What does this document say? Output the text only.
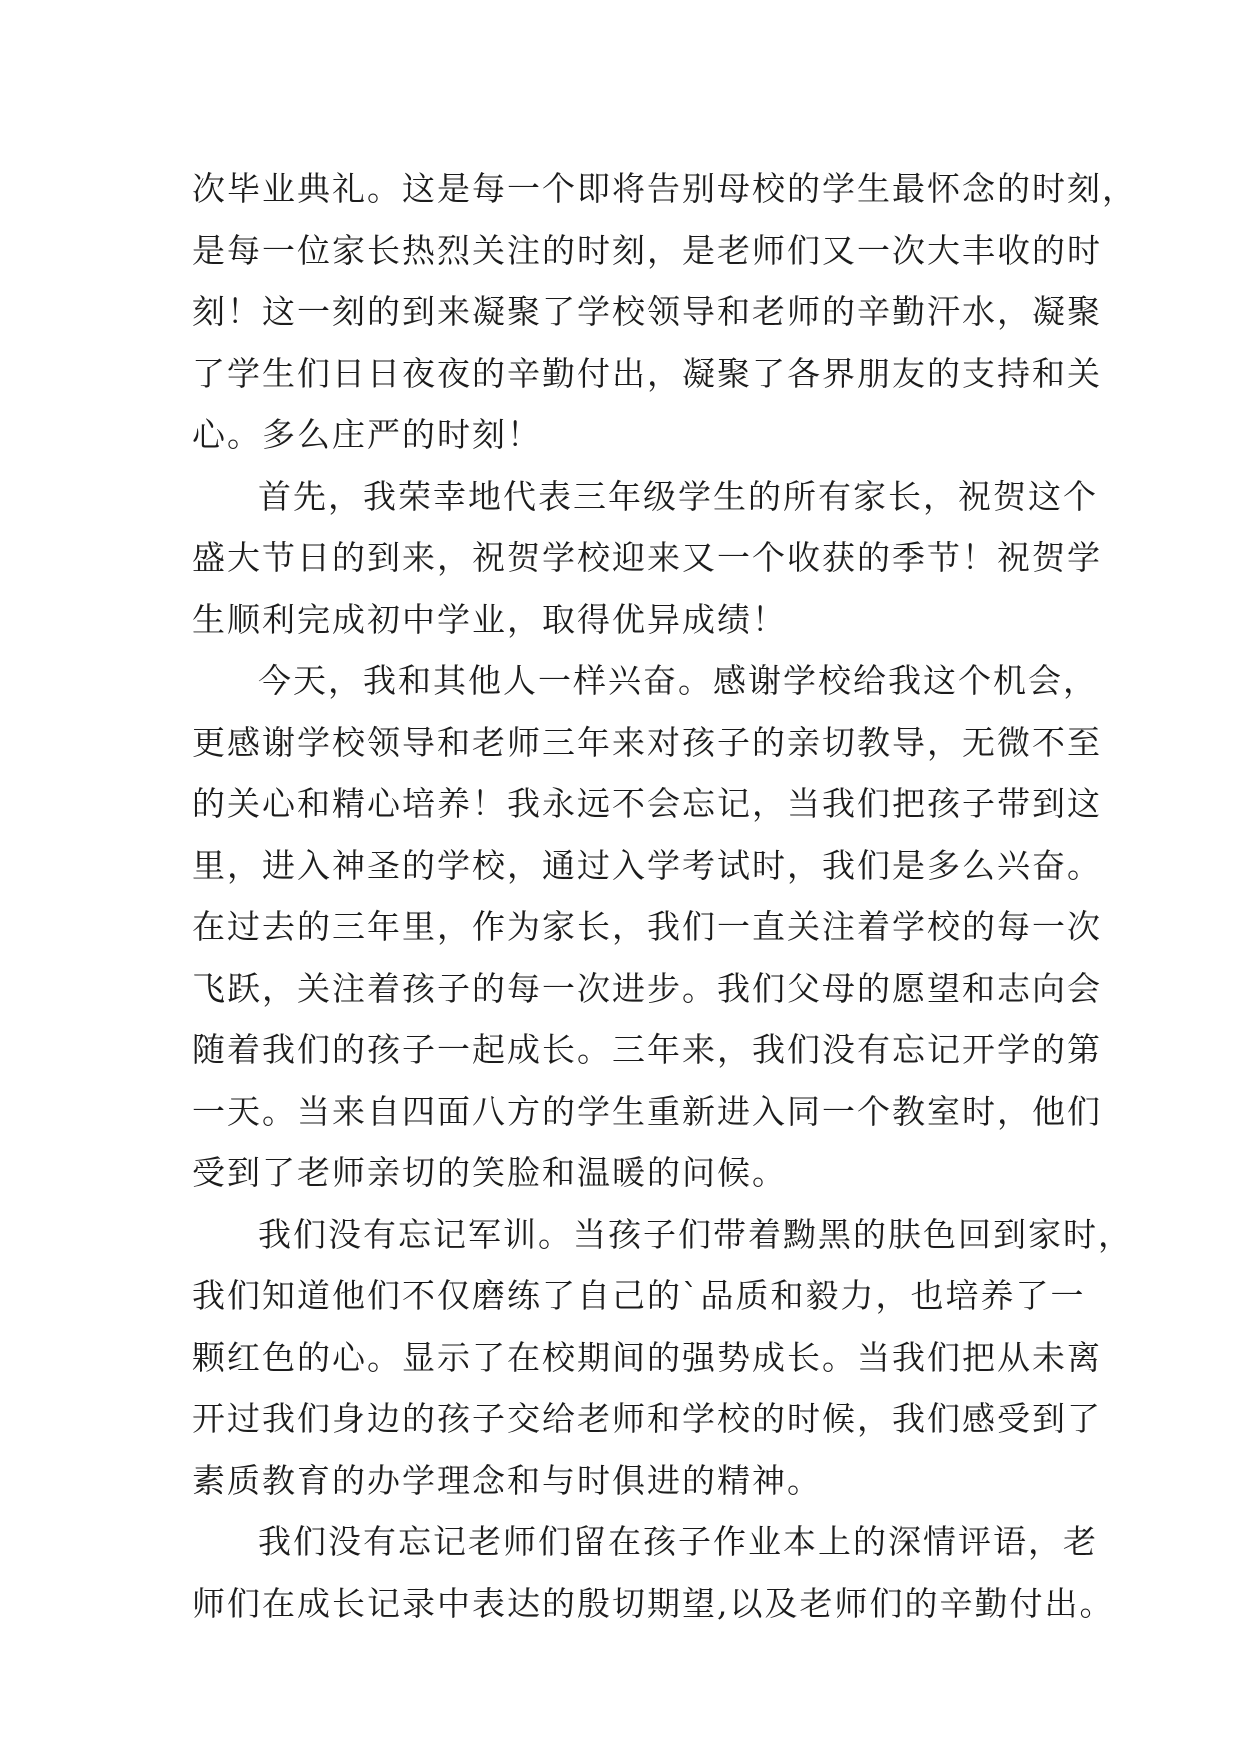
次毕业典礼。这是每一个即将告别母校的学生最怀念的时刻，
是每一位家长热烈关注的时刻，是老师们又一次大丰收的时
刻！这一刻的到来凝聚了学校领导和老师的辛勤汗水，凝聚
了学生们日日夜夜的辛勤付出，凝聚了各界朋友的支持和关
心。多么庄严的时刻！
首先，我荣幸地代表三年级学生的所有家长，祝贺这个
盛大节日的到来，祝贺学校迎来又一个收获的季节！祝贺学
生顺利完成初中学业，取得优异成绩！
今天，我和其他人一样兴奋。感谢学校给我这个机会，
更感谢学校领导和老师三年来对孩子的亲切教导，无微不至
的关心和精心培养！我永远不会忘记，当我们把孩子带到这
里，进入神圣的学校，通过入学考试时，我们是多么兴奋。
在过去的三年里，作为家长，我们一直关注着学校的每一次
飞跃，关注着孩子的每一次进步。我们父母的愿望和志向会
随着我们的孩子一起成长。三年来，我们没有忘记开学的第
一天。当来自四面八方的学生重新进入同一个教室时，他们
受到了老师亲切的笑脸和温暖的问候。
我们没有忘记军训。当孩子们带着黝黑的肤色回到家时，
我们知道他们不仅磨练了自己的`品质和毅力，也培养了一
颗红色的心。显示了在校期间的强势成长。当我们把从未离
开过我们身边的孩子交给老师和学校的时候，我们感受到了
素质教育的办学理念和与时俱进的精神。
我们没有忘记老师们留在孩子作业本上的深情评语，老
师们在成长记录中表达的殷切期望,以及老师们的辛勤付出。
